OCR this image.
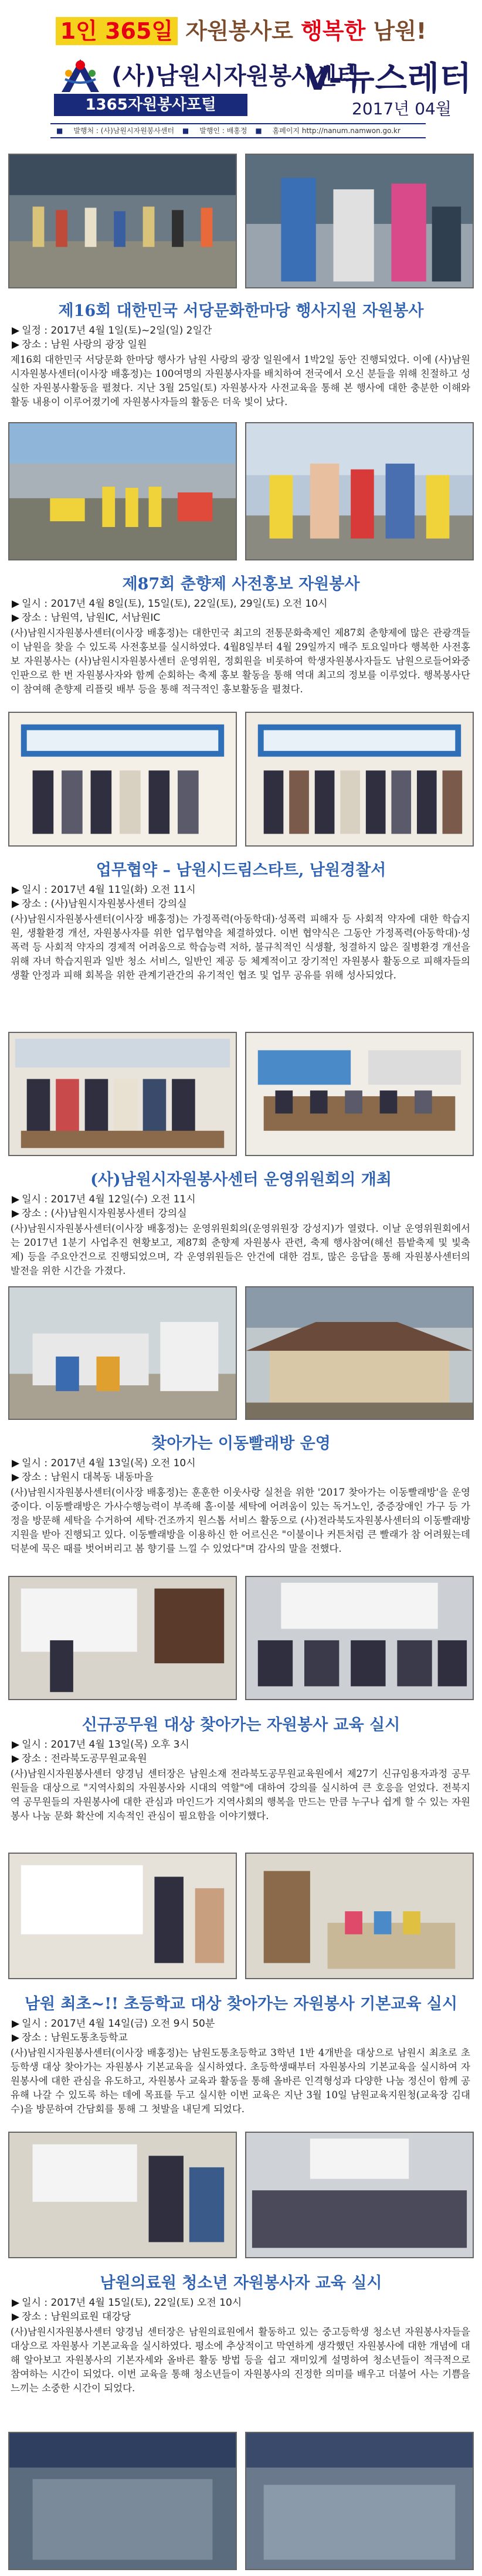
1인 365일 자원봉사로 행복한 남원!
(사)남원시자원봉사센터
V-뉴스레터
1365자원봉사포털	2017년 04월
■ 발행처 : (사)남원시자원봉사센터 ■ 발행인 : 배홍정 ■ 홈페이지 http://nanum.namwon.go.kr
제16회 대한민국 서당문화한마당 행사지원 자원봉사
▶ 일정 : 2017년 4월 1일(토)~2일(일) 2일간
▶ 장소 : 남원 사랑의 광장 일원
제16회 대한민국 서당문화 한마당 행사가 남원 사랑의 광장 일원에서 1박2일 동안 진행되었다. 이에 (사)남원시자원봉사센터(이사장 배홍정)는 100여명의 자원봉사자를 배치하여 전국에서 오신 분들을 위해 친절하고 성실한 자원봉사활동을 펼쳤다. 지난 3월 25일(토) 자원봉사자 사전교육을 통해 본 행사에 대한 충분한 이해와 활동 내용이 이루어졌기에 자원봉사자들의 활동은 더욱 빛이 났다.
제87회 춘향제 사전홍보 자원봉사
▶ 일시 : 2017년 4월 8일(토), 15일(토), 22일(토), 29일(토) 오전 10시
▶ 장소 : 남원역, 남원IC, 서남원IC
(사)남원시자원봉사센터(이사장 배홍정)는 대한민국 최고의 전통문화축제인 제87회 춘향제에 많은 관광객들이 남원을 찾을 수 있도록 사전홍보를 실시하였다. 4월8일부터 4월 29일까지 매주 토요일마다 행복한 사전홍보 자원봉사는 (사)남원시자원봉사센터 운영위원, 정회원을 비롯하여 학생자원봉사자들도 남원으로들어와중 인판으로 한 번 자원봉사자와 함께 순회하는 축제 홍보 활동을 통해 역대 최고의 정보를 이루었다. 행복봉사단이 참여해 춘향제 리플릿 배부 등을 통해 적극적인 홍보활동을 펼쳤다.
업무협약 – 남원시드림스타트, 남원경찰서
▶ 일시 : 2017년 4월 11일(화) 오전 11시
▶ 장소 : (사)남원시자원봉사센터 강의실
(사)남원시자원봉사센터(이사장 배홍정)는 가정폭력(아동학대)·성폭력 피해자 등 사회적 약자에 대한 학습지원, 생활환경 개선, 자원봉사자를 위한 업무협약을 체결하였다. 이번 협약식은 그동안 가정폭력(아동학대)·성폭력 등 사회적 약자의 경제적 어려움으로 학습능력 저하, 불규칙적인 식생활, 청결하지 않은 질병환경 개선을 위해 자녀 학습지원과 일반 청소 서비스, 일반인 제공 등 체계적이고 장기적인 자원봉사 활동으로 피해자들의 생활 안정과 피해 회복을 위한 관계기관간의 유기적인 협조 및 업무 공유를 위해 성사되었다.
(사)남원시자원봉사센터 운영위원회의 개최
▶ 일시 : 2017년 4월 12일(수) 오전 11시
▶ 장소 : (사)남원시자원봉사센터 강의실
(사)남원시자원봉사센터(이사장 배홍정)는 운영위원회의(운영위원장 강성지)가 열렸다. 이날 운영위원회에서는 2017년 1분기 사업추진 현황보고, 제87회 춘향제 자원봉사 관련, 축제 행사참여(해선 틈밭축제 및 빛축제) 등을 주요안건으로 진행되었으며, 각 운영위원들은 안건에 대한 검토, 많은 응답을 통해 자원봉사센터의 발전을 위한 시간을 가졌다.
찾아가는 이동빨래방 운영
▶ 일시 : 2017년 4월 13일(목) 오전 10시
▶ 장소 : 남원시 대복동 내동마을
(사)남원시자원봉사센터(이사장 배홍정)는 훈훈한 이웃사랑 실천을 위한 '2017 찾아가는 이동빨래방'을 운영중이다. 이동빨래방은 가사수행능력이 부족해 홀·이불 세탁에 어려움이 있는 독거노인, 중증장애인 가구 등 가정을 방문해 세탁을 수거하여 세탁·건조까지 원스톱 서비스 활동으로 (사)전라북도자원봉사센터의 이동빨래방 지원을 받아 진행되고 있다. 이동빨래방을 이용하신 한 어르신은 "이불이나 커튼처럼 큰 빨래가 참 어려웠는데 덕분에 묵은 때를 벗어버리고 봄 향기를 느낄 수 있었다"며 감사의 말을 전했다.
신규공무원 대상 찾아가는 자원봉사 교육 실시
▶ 일시 : 2017년 4월 13일(목) 오후 3시
▶ 장소 : 전라북도공무원교육원
(사)남원시자원봉사센터 양경님 센터장은 남원소재 전라북도공무원교육원에서 제27기 신규임용자과정 공무원들을 대상으로 "지역사회의 자원봉사와 시대의 역할"에 대하여 강의를 실시하여 큰 호응을 얻었다. 전북지역 공무원들의 자원봉사에 대한 관심과 마인드가 지역사회의 행복을 만드는 만큼 누구나 쉽게 할 수 있는 자원봉사 나눔 문화 확산에 지속적인 관심이 필요함을 이야기했다.
남원 최초~!! 초등학교 대상 찾아가는 자원봉사 기본교육 실시
▶ 일시 : 2017년 4월 14일(금) 오전 9시 50분
▶ 장소 : 남원도통초등학교
(사)남원시자원봉사센터(이사장 배홍정)는 남원도통초등학교 3학년 1반 4개반을 대상으로 남원시 최초로 초등학생 대상 찾아가는 자원봉사 기본교육을 실시하였다. 초등학생때부터 자원봉사의 기본교육을 실시하여 자원봉사에 대한 관심을 유도하고, 자원봉사 교육과 활동을 통해 올바른 인격형성과 다양한 나눔 정신이 함께 공유해 나갈 수 있도록 하는 데에 목표를 두고 실시한 이번 교육은 지난 3월 10일 남원교육지원청(교육장 김대수)을 방문하여 간담회를 통해 그 첫발을 내딛게 되었다.
남원의료원 청소년 자원봉사자 교육 실시
▶ 일시 : 2017년 4월 15일(토), 22일(토) 오전 10시
▶ 장소 : 남원의료원 대강당
(사)남원시자원봉사센터 양경님 센터장은 남원의료원에서 활동하고 있는 중고등학생 청소년 자원봉사자들을 대상으로 자원봉사 기본교육을 실시하였다. 평소에 추상적이고 막연하게 생각했던 자원봉사에 대한 개념에 대해 알아보고 자원봉사의 기본자세와 올바른 활동 방법 등을 쉽고 재미있게 설명하여 청소년들이 적극적으로 참여하는 시간이 되었다. 이번 교육을 통해 청소년들이 자원봉사의 진정한 의미를 배우고 더불어 사는 기쁨을 느끼는 소중한 시간이 되었다.
